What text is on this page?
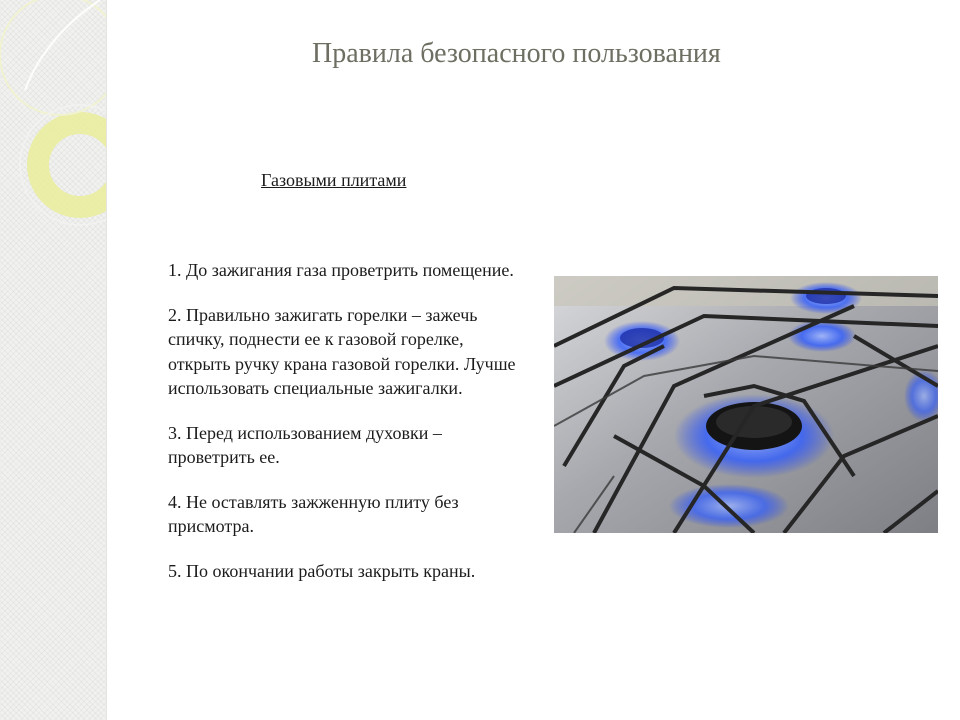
Правила безопасного пользования
Газовыми плитами
1. До зажигания газа проветрить помещение.
2. Правильно зажигать горелки – зажечь спичку, поднести ее к газовой горелке, открыть ручку крана газовой горелки. Лучше использовать специальные зажигалки.
3. Перед использованием духовки – проветрить ее.
4. Не оставлять зажженную плиту без присмотра.
5. По окончании работы закрыть краны.
